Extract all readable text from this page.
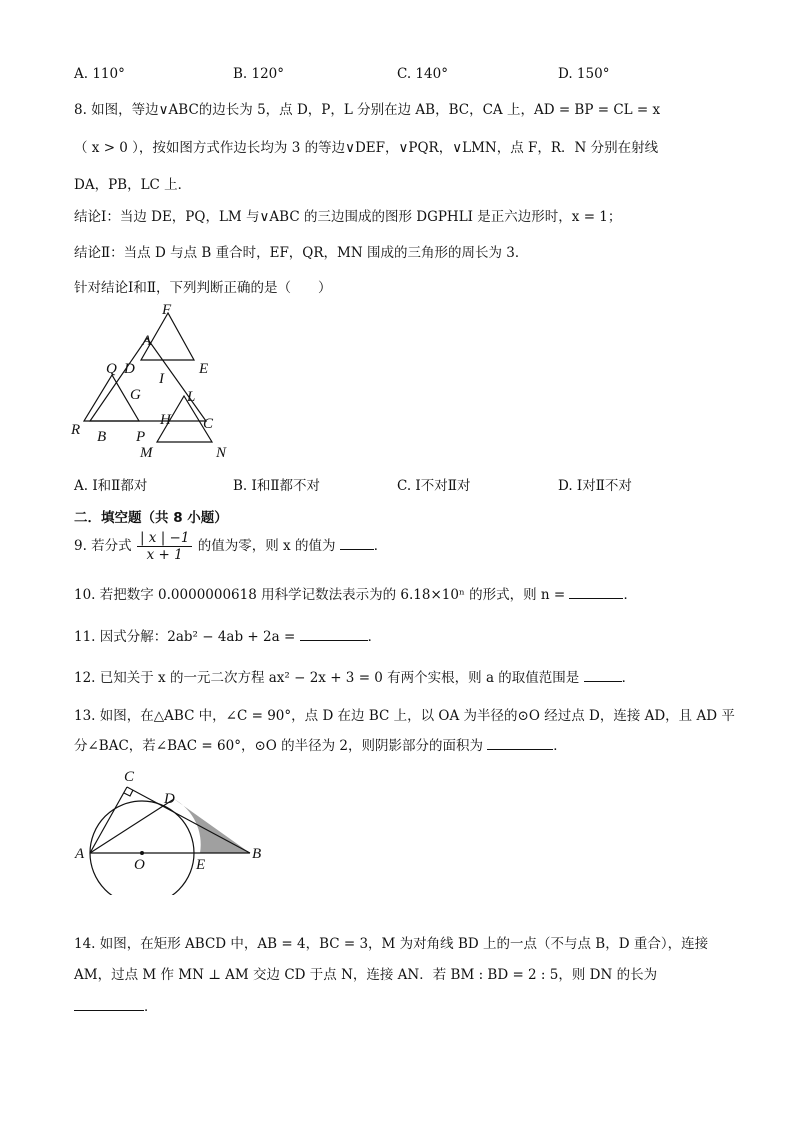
A. 110°	B. 120°	C. 140°	D. 150°
8. 如图，等边∨ABC的边长为 5，点 D，P，L 分别在边 AB，BC，CA 上，AD = BP = CL = x
（ x > 0 ），按如图方式作边长均为 3 的等边∨DEF，∨PQR，∨LMN，点 F，R．N 分别在射线
DA，PB，LC 上．
结论Ⅰ：当边 DE，PQ，LM 与∨ABC 的三边围成的图形 DGPHLI 是正六边形时，x = 1；
结论Ⅱ：当点 D 与点 B 重合时，EF，QR，MN 围成的三角形的周长为 3．
针对结论Ⅰ和Ⅱ，下列判断正确的是（　　）
F
A
E
Q D
I
G	L
H C
R B P
M	N
A. Ⅰ和Ⅱ都对	B. Ⅰ和Ⅱ都不对	C. Ⅰ不对Ⅱ对	D. Ⅰ对Ⅱ不对
二．填空题（共 8 小题）
9. 若分式 $\frac{| x | -1}{x + 1}$ 的值为零，则 x 的值为	．
10. 若把数字 0.0000000618 用科学记数法表示为的 6.18×10ⁿ 的形式，则 n =	．
11. 因式分解：2ab² − 4ab + 2a =	．
12. 已知关于 x 的一元二次方程 ax² − 2x + 3 = 0 有两个实根，则 a 的取值范围是	．
13. 如图，在△ABC 中，∠C = 90°，点 D 在边 BC 上，以 OA 为半径的⊙O 经过点 D，连接 AD，且 AD 平
分∠BAC，若∠BAC = 60°，⊙O 的半径为 2，则阴影部分的面积为	．
C
D
A
O	E
B
14. 如图，在矩形 ABCD 中，AB = 4，BC = 3，M 为对角线 BD 上的一点（不与点 B，D 重合），连接
AM，过点 M 作 MN ⊥ AM 交边 CD 于点 N，连接 AN．若 BM : BD = 2 : 5，则 DN 的长为
．
